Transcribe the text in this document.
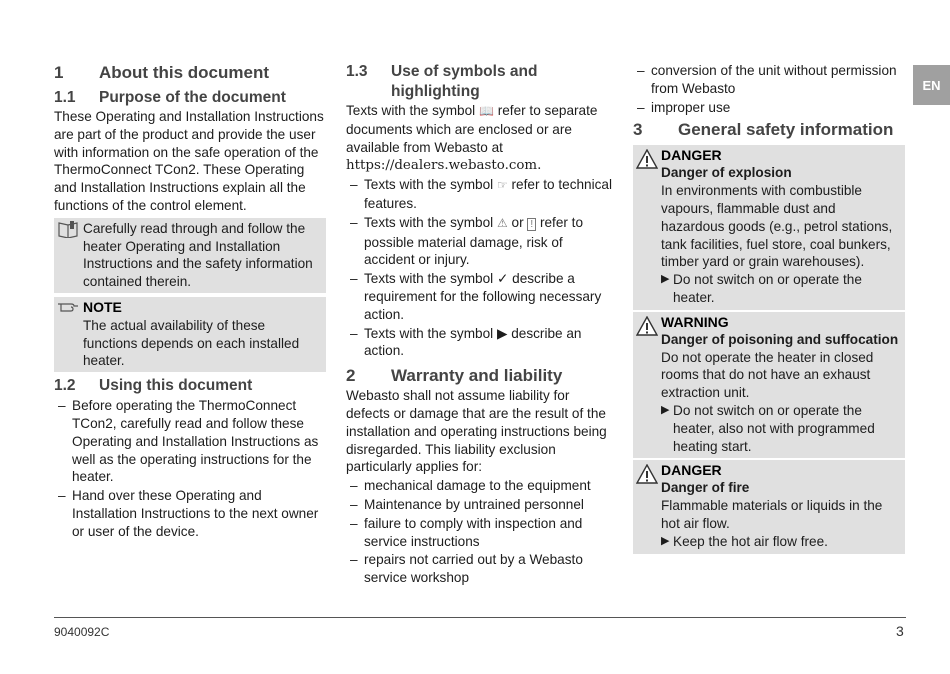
1	About this document
1.1	Purpose of the document

These Operating and Installation Instructions are part of the product and provide the user with information on the safe operation of the ThermoConnect TCon2. These Operating and Installation Instructions explain all the functions of the control element.

Carefully read through and follow the heater Operating and Installation Instructions and the safety information contained therein.
NOTE
The actual availability of these functions depends on each installed heater.
1.2	Using this document
– Before operating the ThermoConnect TCon2, carefully read and follow these Operating and Installation Instructions as well as the operating instructions for the heater.
– Hand over these Operating and Installation Instructions to the next owner or user of the device.
1.3	Use of symbols and highlighting

Texts with the symbol 📖 refer to separate documents which are enclosed or are available from Webasto at https://dealers.webasto.com.

– Texts with the symbol ☞ refer to technical features.
– Texts with the symbol ⚠ or ! refer to possible material damage, risk of accident or injury.
– Texts with the symbol ✓ describe a requirement for the following necessary action.
– Texts with the symbol ▶ describe an action.
2	Warranty and liability

Webasto shall not assume liability for defects or damage that are the result of the installation and operating instructions being disregarded. This liability exclusion particularly applies for:

– mechanical damage to the equipment
– Maintenance by untrained personnel
– failure to comply with inspection and service instructions
– repairs not carried out by a Webasto service workshop
– conversion of the unit without permission from Webasto
– improper use
3	General safety information
DANGER
Danger of explosion
In environments with combustible vapours, flammable dust and hazardous goods (e.g., petrol stations, tank facilities, fuel store, coal bunkers, timber yard or grain warehouses).
▶ Do not switch on or operate the heater.
WARNING
Danger of poisoning and suffocation
Do not operate the heater in closed rooms that do not have an exhaust extraction unit.
▶ Do not switch on or operate the heater, also not with programmed heating start.
DANGER
Danger of fire
Flammable materials or liquids in the hot air flow.
▶ Keep the hot air flow free.
EN
9040092C	3
